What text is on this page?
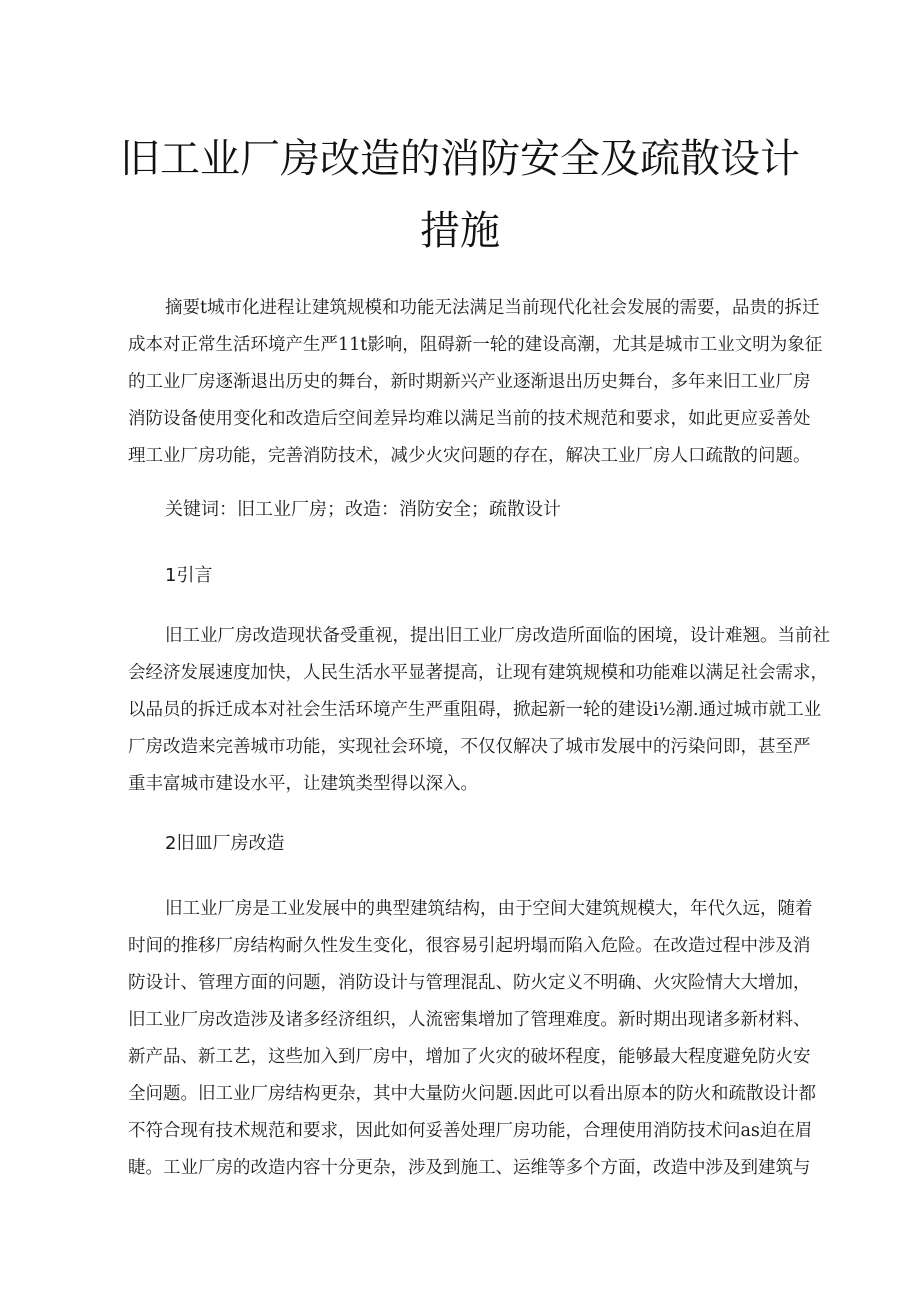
旧工业厂房改造的消防安全及疏散设计
措施
摘要t城市化进程让建筑规模和功能无法满足当前现代化社会发展的需要，品贵的拆迁
成本对正常生活环境产生严11t影响，阻碍新一轮的建设高潮，尤其是城市工业文明为象征
的工业厂房逐渐退出历史的舞台，新时期新兴产业逐渐退出历史舞台，多年来旧工业厂房
消防设备使用变化和改造后空间差异均难以满足当前的技术规范和要求，如此更应妥善处
理工业厂房功能，完善消防技术，减少火灾问题的存在，解决工业厂房人口疏散的问题。
关键词：旧工业厂房；改造：消防安全；疏散设计
1引言
旧工业厂房改造现状备受重视，提出旧工业厂房改造所面临的困境，设计难翘。当前社
会经济发展速度加快，人民生活水平显著提高，让现有建筑规模和功能难以满足社会需求，
以品员的拆迁成本对社会生活环境产生严重阻碍，掀起新一轮的建设i½潮.通过城市就工业
厂房改造来完善城市功能，实现社会环境，不仅仅解决了城市发展中的污染问即，甚至严
重丰富城市建设水平，让建筑类型得以深入。
2旧皿厂房改造
旧工业厂房是工业发展中的典型建筑结构，由于空间大建筑规模大，年代久远，随着
时间的推移厂房结构耐久性发生变化，很容易引起坍塌而陷入危险。在改造过程中涉及消
防设计、管理方面的问题，消防设计与管理混乱、防火定义不明确、火灾险情大大增加，
旧工业厂房改造涉及诸多经济组织，人流密集增加了管理难度。新时期出现诸多新材料、
新产品、新工艺，这些加入到厂房中，增加了火灾的破坏程度，能够最大程度避免防火安
全问题。旧工业厂房结构更杂，其中大量防火问题.因此可以看出原本的防火和疏散设计都
不符合现有技术规范和要求，因此如何妥善处理厂房功能，合理使用消防技术问as迫在眉
睫。工业厂房的改造内容十分更杂，涉及到施工、运维等多个方面，改造中涉及到建筑与
